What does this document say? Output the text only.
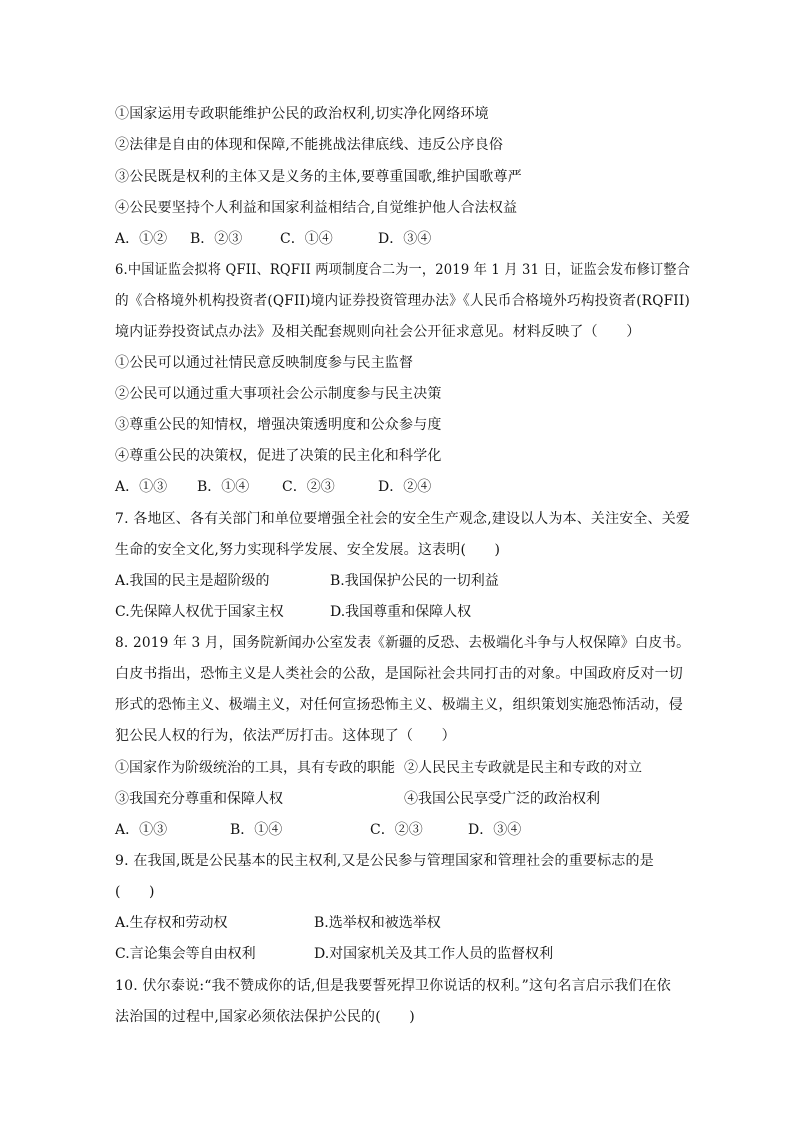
①国家运用专政职能维护公民的政治权利,切实净化网络环境
②法律是自由的体现和保障,不能挑战法律底线、违反公序良俗
③公民既是权利的主体又是义务的主体,要尊重国歌,维护国歌尊严
④公民要坚持个人利益和国家利益相结合,自觉维护他人合法权益
A．①② B．②③	C．①④	D．③④
6.中国证监会拟将 QFII、RQFII 两项制度合二为一，2019 年 1 月 31 日，证监会发布修订整合
的《合格境外机构投资者(QFII)境内证券投资管理办法》《人民币合格境外巧构投资者(RQFII)
境内证券投资试点办法》及相关配套规则向社会公开征求意见。材料反映了（　　）
①公民可以通过社情民意反映制度参与民主监督
②公民可以通过重大事项社会公示制度参与民主决策
③尊重公民的知情权，增强决策透明度和公众参与度
④尊重公民的决策权，促进了决策的民主化和科学化
A．①③ B．①④ C．②③	D．②④
7. 各地区、各有关部门和单位要增强全社会的安全生产观念,建设以人为本、关注安全、关爱
生命的安全文化,努力实现科学发展、安全发展。这表明(　　)
A.我国的民主是超阶级的	B.我国保护公民的一切利益
C.先保障人权优于国家主权	D.我国尊重和保障人权
8. 2019 年 3 月，国务院新闻办公室发表《新疆的反恐、去极端化斗争与人权保障》白皮书。
白皮书指出，恐怖主义是人类社会的公敌，是国际社会共同打击的对象。中国政府反对一切
形式的恐怖主义、极端主义，对任何宣扬恐怖主义、极端主义，组织策划实施恐怖活动，侵
犯公民人权的行为，依法严厉打击。这体现了（　　）
①国家作为阶级统治的工具，具有专政的职能 ②人民民主专政就是民主和专政的对立
③我国充分尊重和保障人权	④我国公民享受广泛的政治权利
A．①③	B．①④	C．②③	D．③④
9. 在我国,既是公民基本的民主权利,又是公民参与管理国家和管理社会的重要标志的是
(　　)
A.生存权和劳动权	B.选举权和被选举权
C.言论集会等自由权利	D.对国家机关及其工作人员的监督权利
10. 伏尔泰说:“我不赞成你的话,但是我要誓死捍卫你说话的权利。”这句名言启示我们在依
法治国的过程中,国家必须依法保护公民的(　　)
